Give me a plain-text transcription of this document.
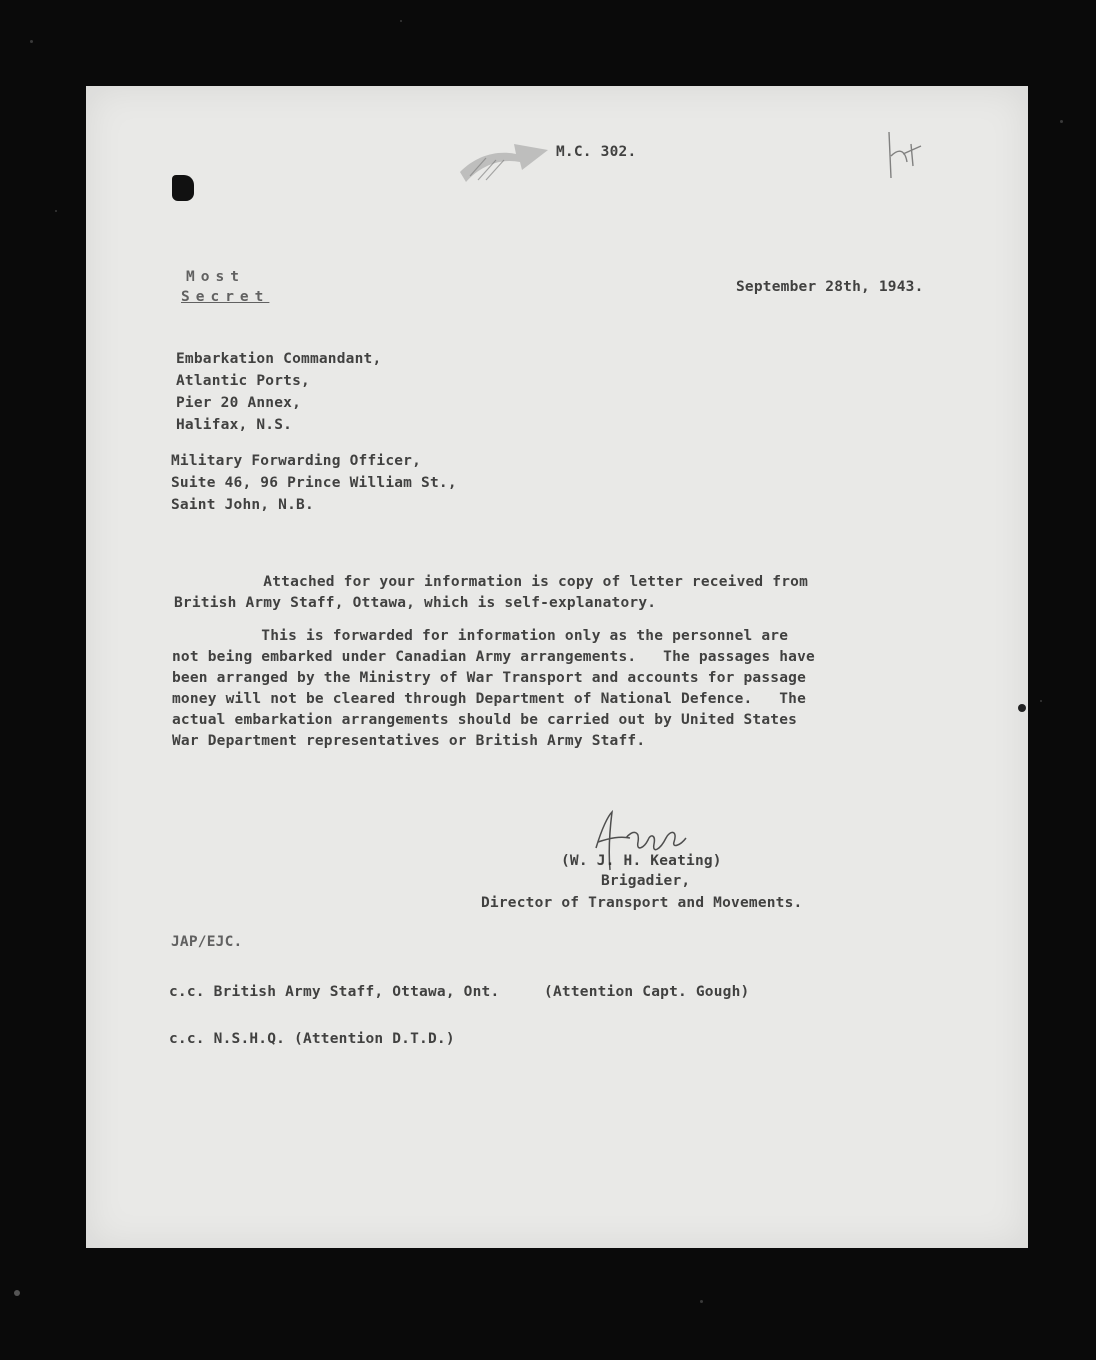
M.C. 302.
Most
Secret
September 28th, 1943.
Embarkation Commandant,
Atlantic Ports,
Pier 20 Annex,
Halifax, N.S.
Military Forwarding Officer,
Suite 46, 96 Prince William St.,
Saint John, N.B.
Attached for your information is copy of letter received from
British Army Staff, Ottawa, which is self-explanatory.
This is forwarded for information only as the personnel are
not being embarked under Canadian Army arrangements.   The passages have
been arranged by the Ministry of War Transport and accounts for passage
money will not be cleared through Department of National Defence.   The
actual embarkation arrangements should be carried out by United States
War Department representatives or British Army Staff.
(W. J. H. Keating)
Brigadier,
Director of Transport and Movements.
JAP/EJC.
c.c. British Army Staff, Ottawa, Ont.     (Attention Capt. Gough)
c.c. N.S.H.Q. (Attention D.T.D.)
